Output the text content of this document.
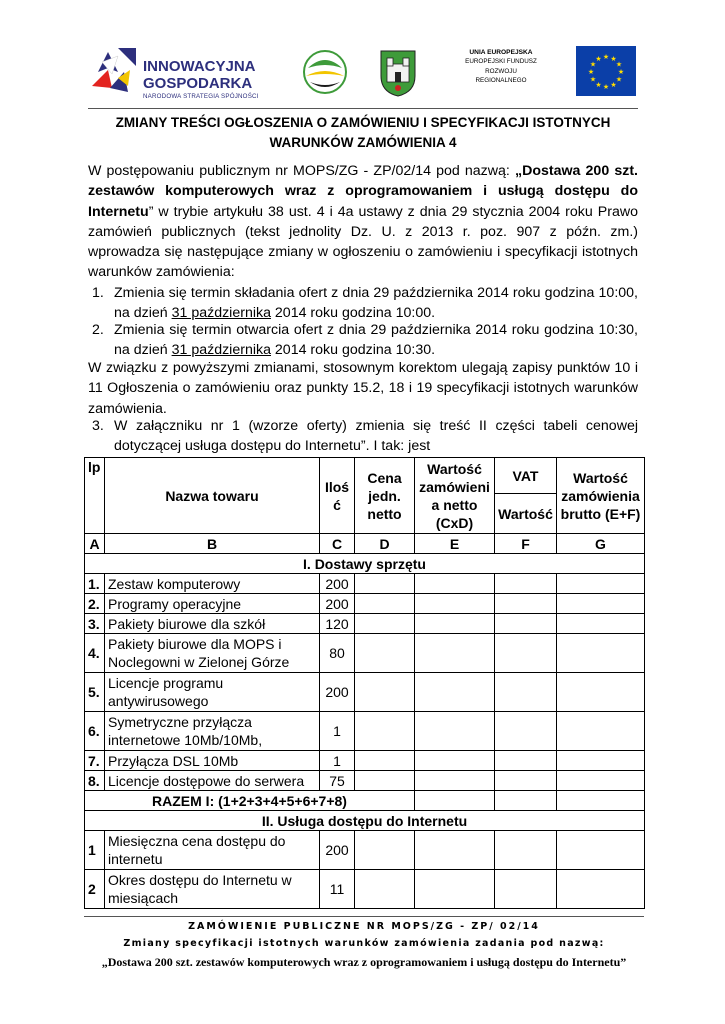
INNOWACYJNA
GOSPODARKA
NARODOWA STRATEGIA SPÓJNOŚCI
UNIA EUROPEJSKA
EUROPEJSKI FUNDUSZ
ROZWOJU REGIONALNEGO
★
★
★
★
★
★
★
★
★ ★ ★
★
ZMIANY TREŚCI OGŁOSZENIA O ZAMÓWIENIU I SPECYFIKACJI ISTOTNYCH
WARUNKÓW ZAMÓWIENIA 4
W postępowaniu publicznym nr MOPS/ZG - ZP/02/14 pod nazwą: „Dostawa 200 szt. zestawów komputerowych wraz z oprogramowaniem i usługą dostępu do Internetu” w trybie artykułu 38 ust. 4 i 4a ustawy z dnia 29 stycznia 2004 roku Prawo zamówień publicznych (tekst jednolity Dz. U. z 2013 r. poz. 907 z późn. zm.) wprowadza się następujące zmiany w ogłoszeniu o zamówieniu i specyfikacji istotnych warunków zamówienia:
1. Zmienia się termin składania ofert z dnia 29 października 2014 roku godzina 10:00, na dzień 31 października 2014 roku godzina 10:00.
2. Zmienia się termin otwarcia ofert z dnia 29 października 2014 roku godzina 10:30, na dzień 31 października 2014 roku godzina 10:30.
W związku z powyższymi zmianami, stosownym korektom ulegają zapisy punktów 10 i 11 Ogłoszenia o zamówieniu oraz punkty 15.2, 18 i 19 specyfikacji istotnych warunków zamówienia.
3. W załączniku nr 1 (wzorze oferty) zmienia się treść II części tabeli cenowej dotyczącej usługa dostępu do Internetu”. I tak: jest
lp	Nazwa towaru	Iloś ć	Cena jedn. netto	Wartość zamówieni a netto (CxD)	VAT	Wartość zamówienia brutto (E+F)
					Wartość	
A	B	C	D	E	F	G
I. Dostawy sprzętu						
1.	Zestaw komputerowy	200				
2.	Programy operacyjne	200				
3.	Pakiety biurowe dla szkół	120				
4.	Pakiety biurowe dla MOPS i Noclegowni w Zielonej Górze	80				
5.	Licencje programu antywirusowego	200				
6.	Symetryczne przyłącza internetowe 10Mb/10Mb,	1				
7.	Przyłącza DSL 10Mb	1				
8.	Licencje dostępowe do serwera	75				
RAZEM I: (1+2+3+4+5+6+7+8)						
II. Usługa dostępu do Internetu						
1	Miesięczna cena dostępu do internetu	200				
2	Okres dostępu do Internetu w miesiącach	11				
ZAMÓWIENIE PUBLICZNE NR MOPS/ZG - ZP/ 02/14
Zmiany specyfikacji istotnych warunków zamówienia zadania pod nazwą:
„Dostawa 200 szt. zestawów komputerowych wraz z oprogramowaniem i usługą dostępu do Internetu”
